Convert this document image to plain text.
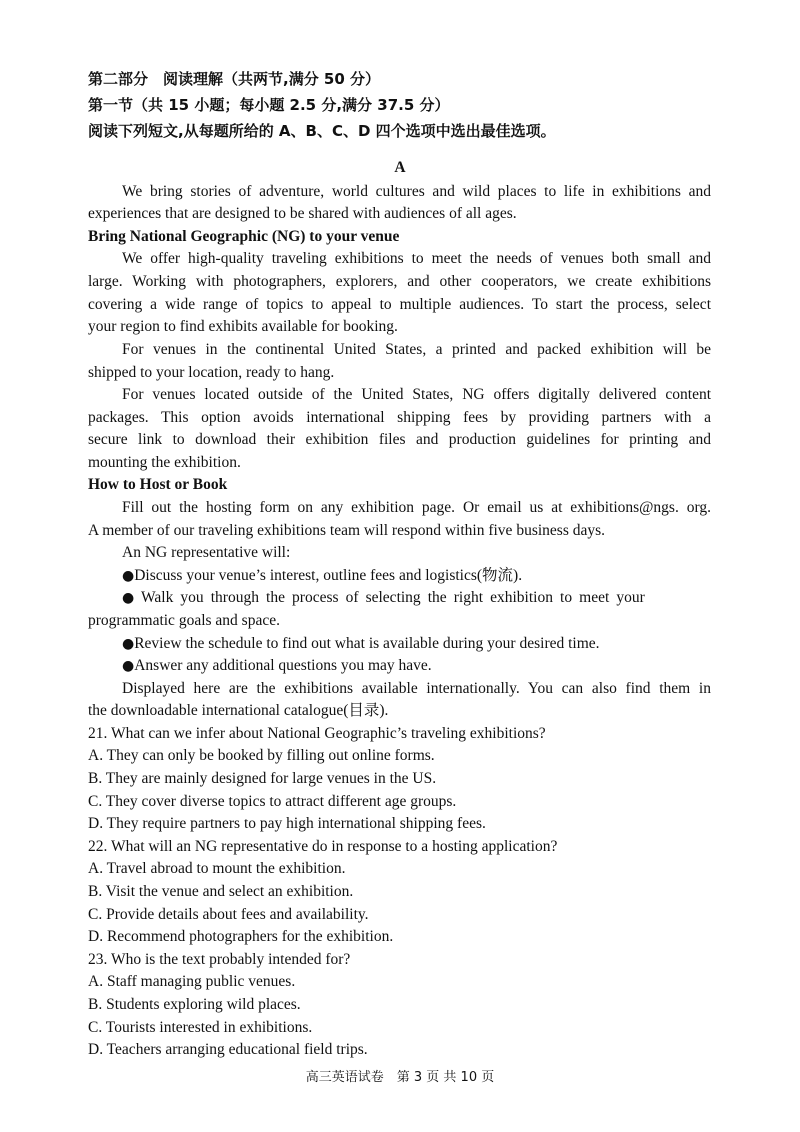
第二部分　阅读理解（共两节,满分 50 分）
第一节（共 15 小题；每小题 2.5 分,满分 37.5 分）
阅读下列短文,从每题所给的 A、B、C、D 四个选项中选出最佳选项。
A
We bring stories of adventure, world cultures and wild places to life in exhibitions and
experiences that are designed to be shared with audiences of all ages.
Bring National Geographic (NG) to your venue
We offer high-quality traveling exhibitions to meet the needs of venues both small and
large. Working with photographers, explorers, and other cooperators, we create exhibitions
covering a wide range of topics to appeal to multiple audiences. To start the process, select
your region to find exhibits available for booking.
For venues in the continental United States, a printed and packed exhibition will be
shipped to your location, ready to hang.
For venues located outside of the United States, NG offers digitally delivered content
packages. This option avoids international shipping fees by providing partners with a
secure link to download their exhibition files and production guidelines for printing and
mounting the exhibition.
How to Host or Book
Fill out the hosting form on any exhibition page. Or email us at exhibitions@ngs. org.
A member of our traveling exhibitions team will respond within five business days.
An NG representative will:
●Discuss your venue’s interest, outline fees and logistics(物流).
● Walk you through the process of selecting the right exhibition to meet your
programmatic goals and space.
●Review the schedule to find out what is available during your desired time.
●Answer any additional questions you may have.
Displayed here are the exhibitions available internationally. You can also find them in
the downloadable international catalogue(目录).
21. What can we infer about National Geographic’s traveling exhibitions?
A. They can only be booked by filling out online forms.
B. They are mainly designed for large venues in the US.
C. They cover diverse topics to attract different age groups.
D. They require partners to pay high international shipping fees.
22. What will an NG representative do in response to a hosting application?
A. Travel abroad to mount the exhibition.
B. Visit the venue and select an exhibition.
C. Provide details about fees and availability.
D. Recommend photographers for the exhibition.
23. Who is the text probably intended for?
A. Staff managing public venues.
B. Students exploring wild places.
C. Tourists interested in exhibitions.
D. Teachers arranging educational field trips.
高三英语试卷　第 3 页 共 10 页
